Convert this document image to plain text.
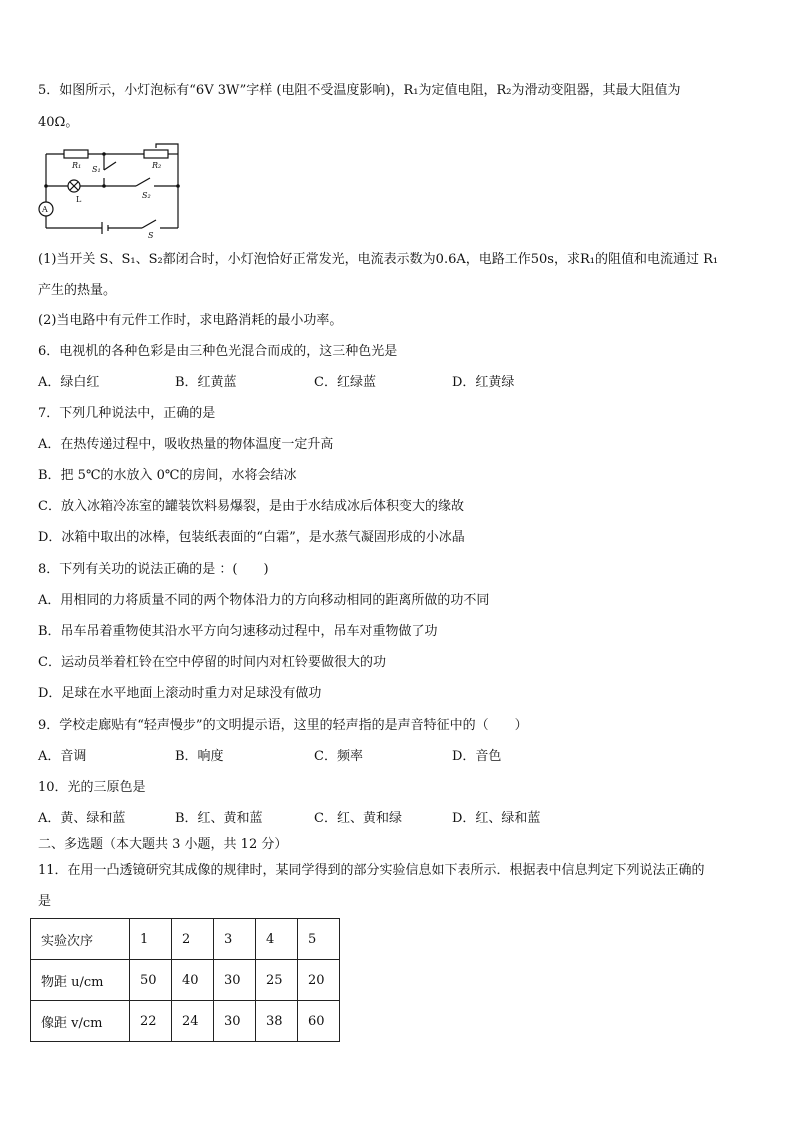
5．如图所示，小灯泡标有“6V 3W”字样 (电阻不受温度影响)，R₁为定值电阻，R₂为滑动变阻器，其最大阻值为
40Ω。
R₁	R₂
S₁
S₂
S
A
L
(1)当开关 S、S₁、S₂都闭合时，小灯泡恰好正常发光，电流表示数为0.6A，电路工作50s，求R₁的阻值和电流通过 R₁
产生的热量。
(2)当电路中有元件工作时，求电路消耗的最小功率。
6．电视机的各种色彩是由三种色光混合而成的，这三种色光是
A．绿白红	B．红黄蓝	C．红绿蓝	D．红黄绿
7．下列几种说法中，正确的是
A．在热传递过程中，吸收热量的物体温度一定升高
B．把 5℃的水放入 0℃的房间，水将会结冰
C．放入冰箱冷冻室的罐装饮料易爆裂，是由于水结成冰后体积变大的缘故
D．冰箱中取出的冰棒，包装纸表面的“白霜”，是水蒸气凝固形成的小冰晶
8．下列有关功的说法正确的是 ：(　　)
A．用相同的力将质量不同的两个物体沿力的方向移动相同的距离所做的功不同
B．吊车吊着重物使其沿水平方向匀速移动过程中，吊车对重物做了功
C．运动员举着杠铃在空中停留的时间内对杠铃要做很大的功
D．足球在水平地面上滚动时重力对足球没有做功
9．学校走廊贴有“轻声慢步”的文明提示语，这里的轻声指的是声音特征中的（　　）
A．音调	B．响度	C．频率	D．音色
10．光的三原色是
A．黄、绿和蓝	B．红、黄和蓝	C．红、黄和绿	D．红、绿和蓝
二、多选题（本大题共 3 小题，共 12 分）
11．在用一凸透镜研究其成像的规律时，某同学得到的部分实验信息如下表所示．根据表中信息判定下列说法正确的
是
实验次序	1	2	3	4	5
物距 u/cm	50	40	30	25	20
像距 v/cm	22	24	30	38	60
